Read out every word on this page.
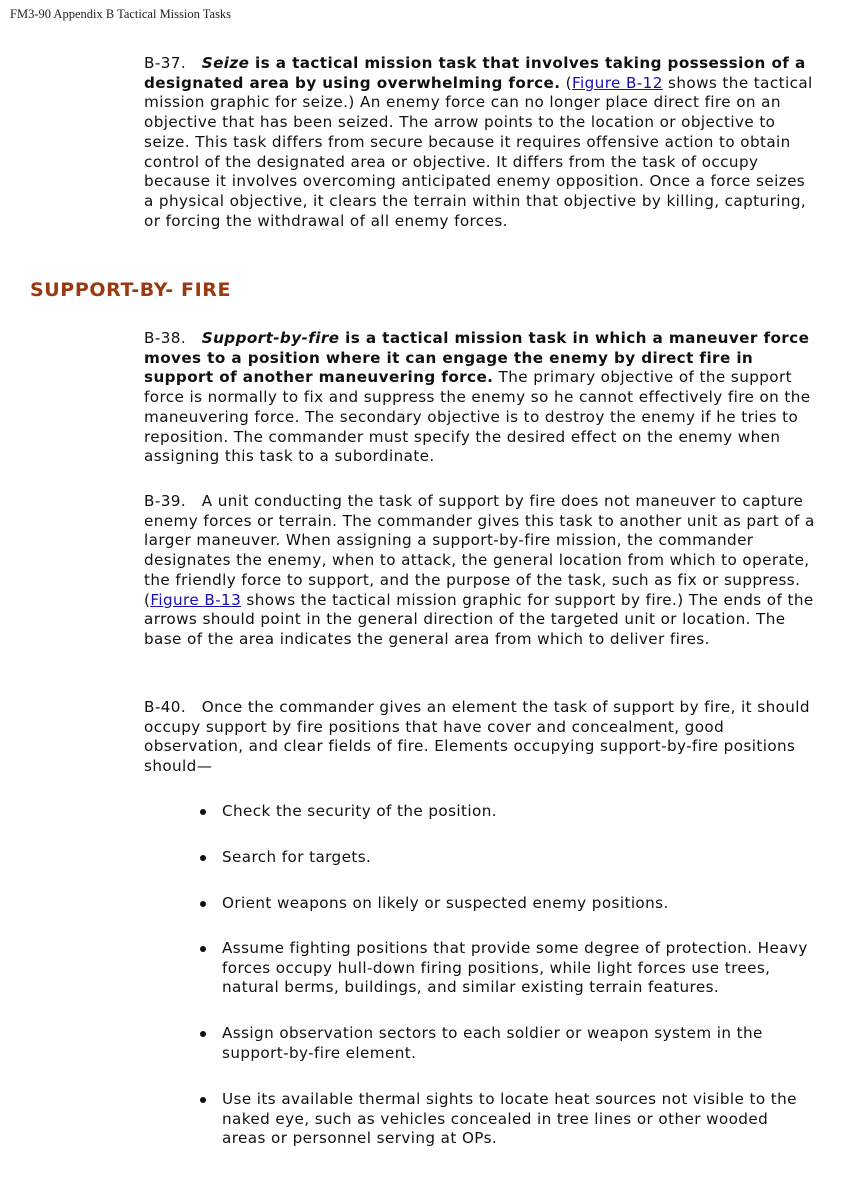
FM3-90 Appendix B Tactical Mission Tasks

B-37. Seize is a tactical mission task that involves taking possession of a designated area by using overwhelming force. (Figure B-12 shows the tactical mission graphic for seize.) An enemy force can no longer place direct fire on an objective that has been seized. The arrow points to the location or objective to seize. This task differs from secure because it requires offensive action to obtain control of the designated area or objective. It differs from the task of occupy because it involves overcoming anticipated enemy opposition. Once a force seizes a physical objective, it clears the terrain within that objective by killing, capturing, or forcing the withdrawal of all enemy forces.

SUPPORT-BY- FIRE

B-38. Support-by-fire is a tactical mission task in which a maneuver force moves to a position where it can engage the enemy by direct fire in support of another maneuvering force. The primary objective of the support force is normally to fix and suppress the enemy so he cannot effectively fire on the maneuvering force. The secondary objective is to destroy the enemy if he tries to reposition. The commander must specify the desired effect on the enemy when assigning this task to a subordinate.

B-39. A unit conducting the task of support by fire does not maneuver to capture enemy forces or terrain. The commander gives this task to another unit as part of a larger maneuver. When assigning a support-by-fire mission, the commander designates the enemy, when to attack, the general location from which to operate, the friendly force to support, and the purpose of the task, such as fix or suppress. (Figure B-13 shows the tactical mission graphic for support by fire.) The ends of the arrows should point in the general direction of the targeted unit or location. The base of the area indicates the general area from which to deliver fires.

B-40. Once the commander gives an element the task of support by fire, it should occupy support by fire positions that have cover and concealment, good observation, and clear fields of fire. Elements occupying support-by-fire positions should—

Check the security of the position.
Search for targets.
Orient weapons on likely or suspected enemy positions.
Assume fighting positions that provide some degree of protection. Heavy forces occupy hull-down firing positions, while light forces use trees, natural berms, buildings, and similar existing terrain features.
Assign observation sectors to each soldier or weapon system in the support-by-fire element.
Use its available thermal sights to locate heat sources not visible to the naked eye, such as vehicles concealed in tree lines or other wooded areas or personnel serving at OPs.
